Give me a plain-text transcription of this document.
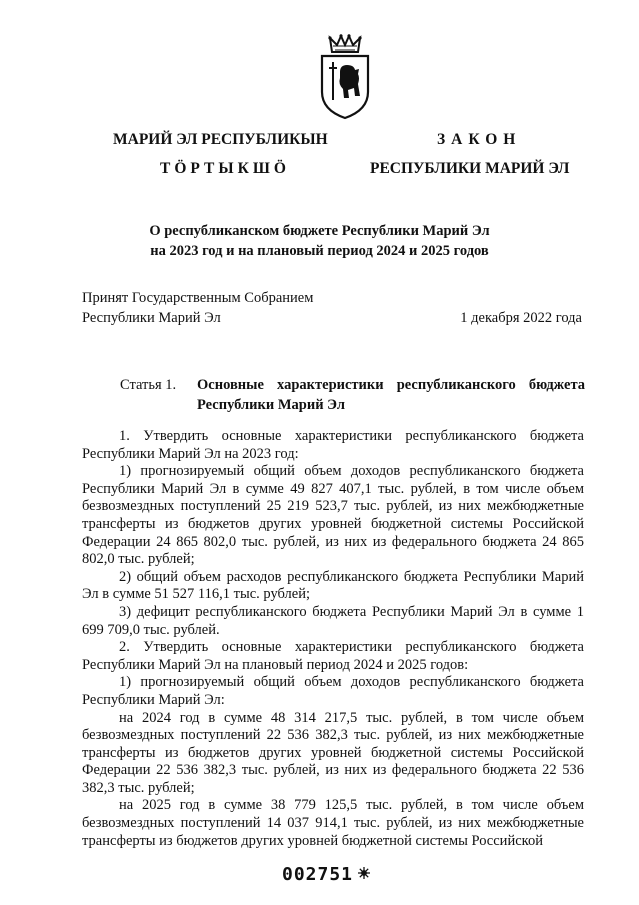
МАРИЙ ЭЛ РЕСПУБЛИКЫН
ТӦРТЫКШӦ
ЗАКОН
РЕСПУБЛИКИ МАРИЙ ЭЛ
О республиканском бюджете Республики Марий Эл
на 2023 год и на плановый период 2024 и 2025 годов
Принят Государственным Собранием
Республики Марий Эл	1 декабря 2022 года
Статья 1. Основные характеристики республиканского бюджета Республики Марий Эл

1. Утвердить основные характеристики республиканского бюджета Республики Марий Эл на 2023 год:

1) прогнозируемый общий объем доходов республиканского бюджета Республики Марий Эл в сумме 49 827 407,1 тыс. рублей, в том числе объем безвозмездных поступлений 25 219 523,7 тыс. рублей, из них межбюджетные трансферты из бюджетов других уровней бюджетной системы Российской Федерации 24 865 802,0 тыс. рублей, из них из федерального бюджета 24 865 802,0 тыс. рублей;

2) общий объем расходов республиканского бюджета Республики Марий Эл в сумме 51 527 116,1 тыс. рублей;

3) дефицит республиканского бюджета Республики Марий Эл в сумме 1 699 709,0 тыс. рублей.

2. Утвердить основные характеристики республиканского бюджета Республики Марий Эл на плановый период 2024 и 2025 годов:

1) прогнозируемый общий объем доходов республиканского бюджета Республики Марий Эл:

на 2024 год в сумме 48 314 217,5 тыс. рублей, в том числе объем безвозмездных поступлений 22 536 382,3 тыс. рублей, из них межбюджетные трансферты из бюджетов других уровней бюджетной системы Российской Федерации 22 536 382,3 тыс. рублей, из них из федерального бюджета 22 536 382,3 тыс. рублей;

на 2025 год в сумме 38 779 125,5 тыс. рублей, в том числе объем безвозмездных поступлений 14 037 914,1 тыс. рублей, из них межбюджетные трансферты из бюджетов других уровней бюджетной системы Российской

002751
